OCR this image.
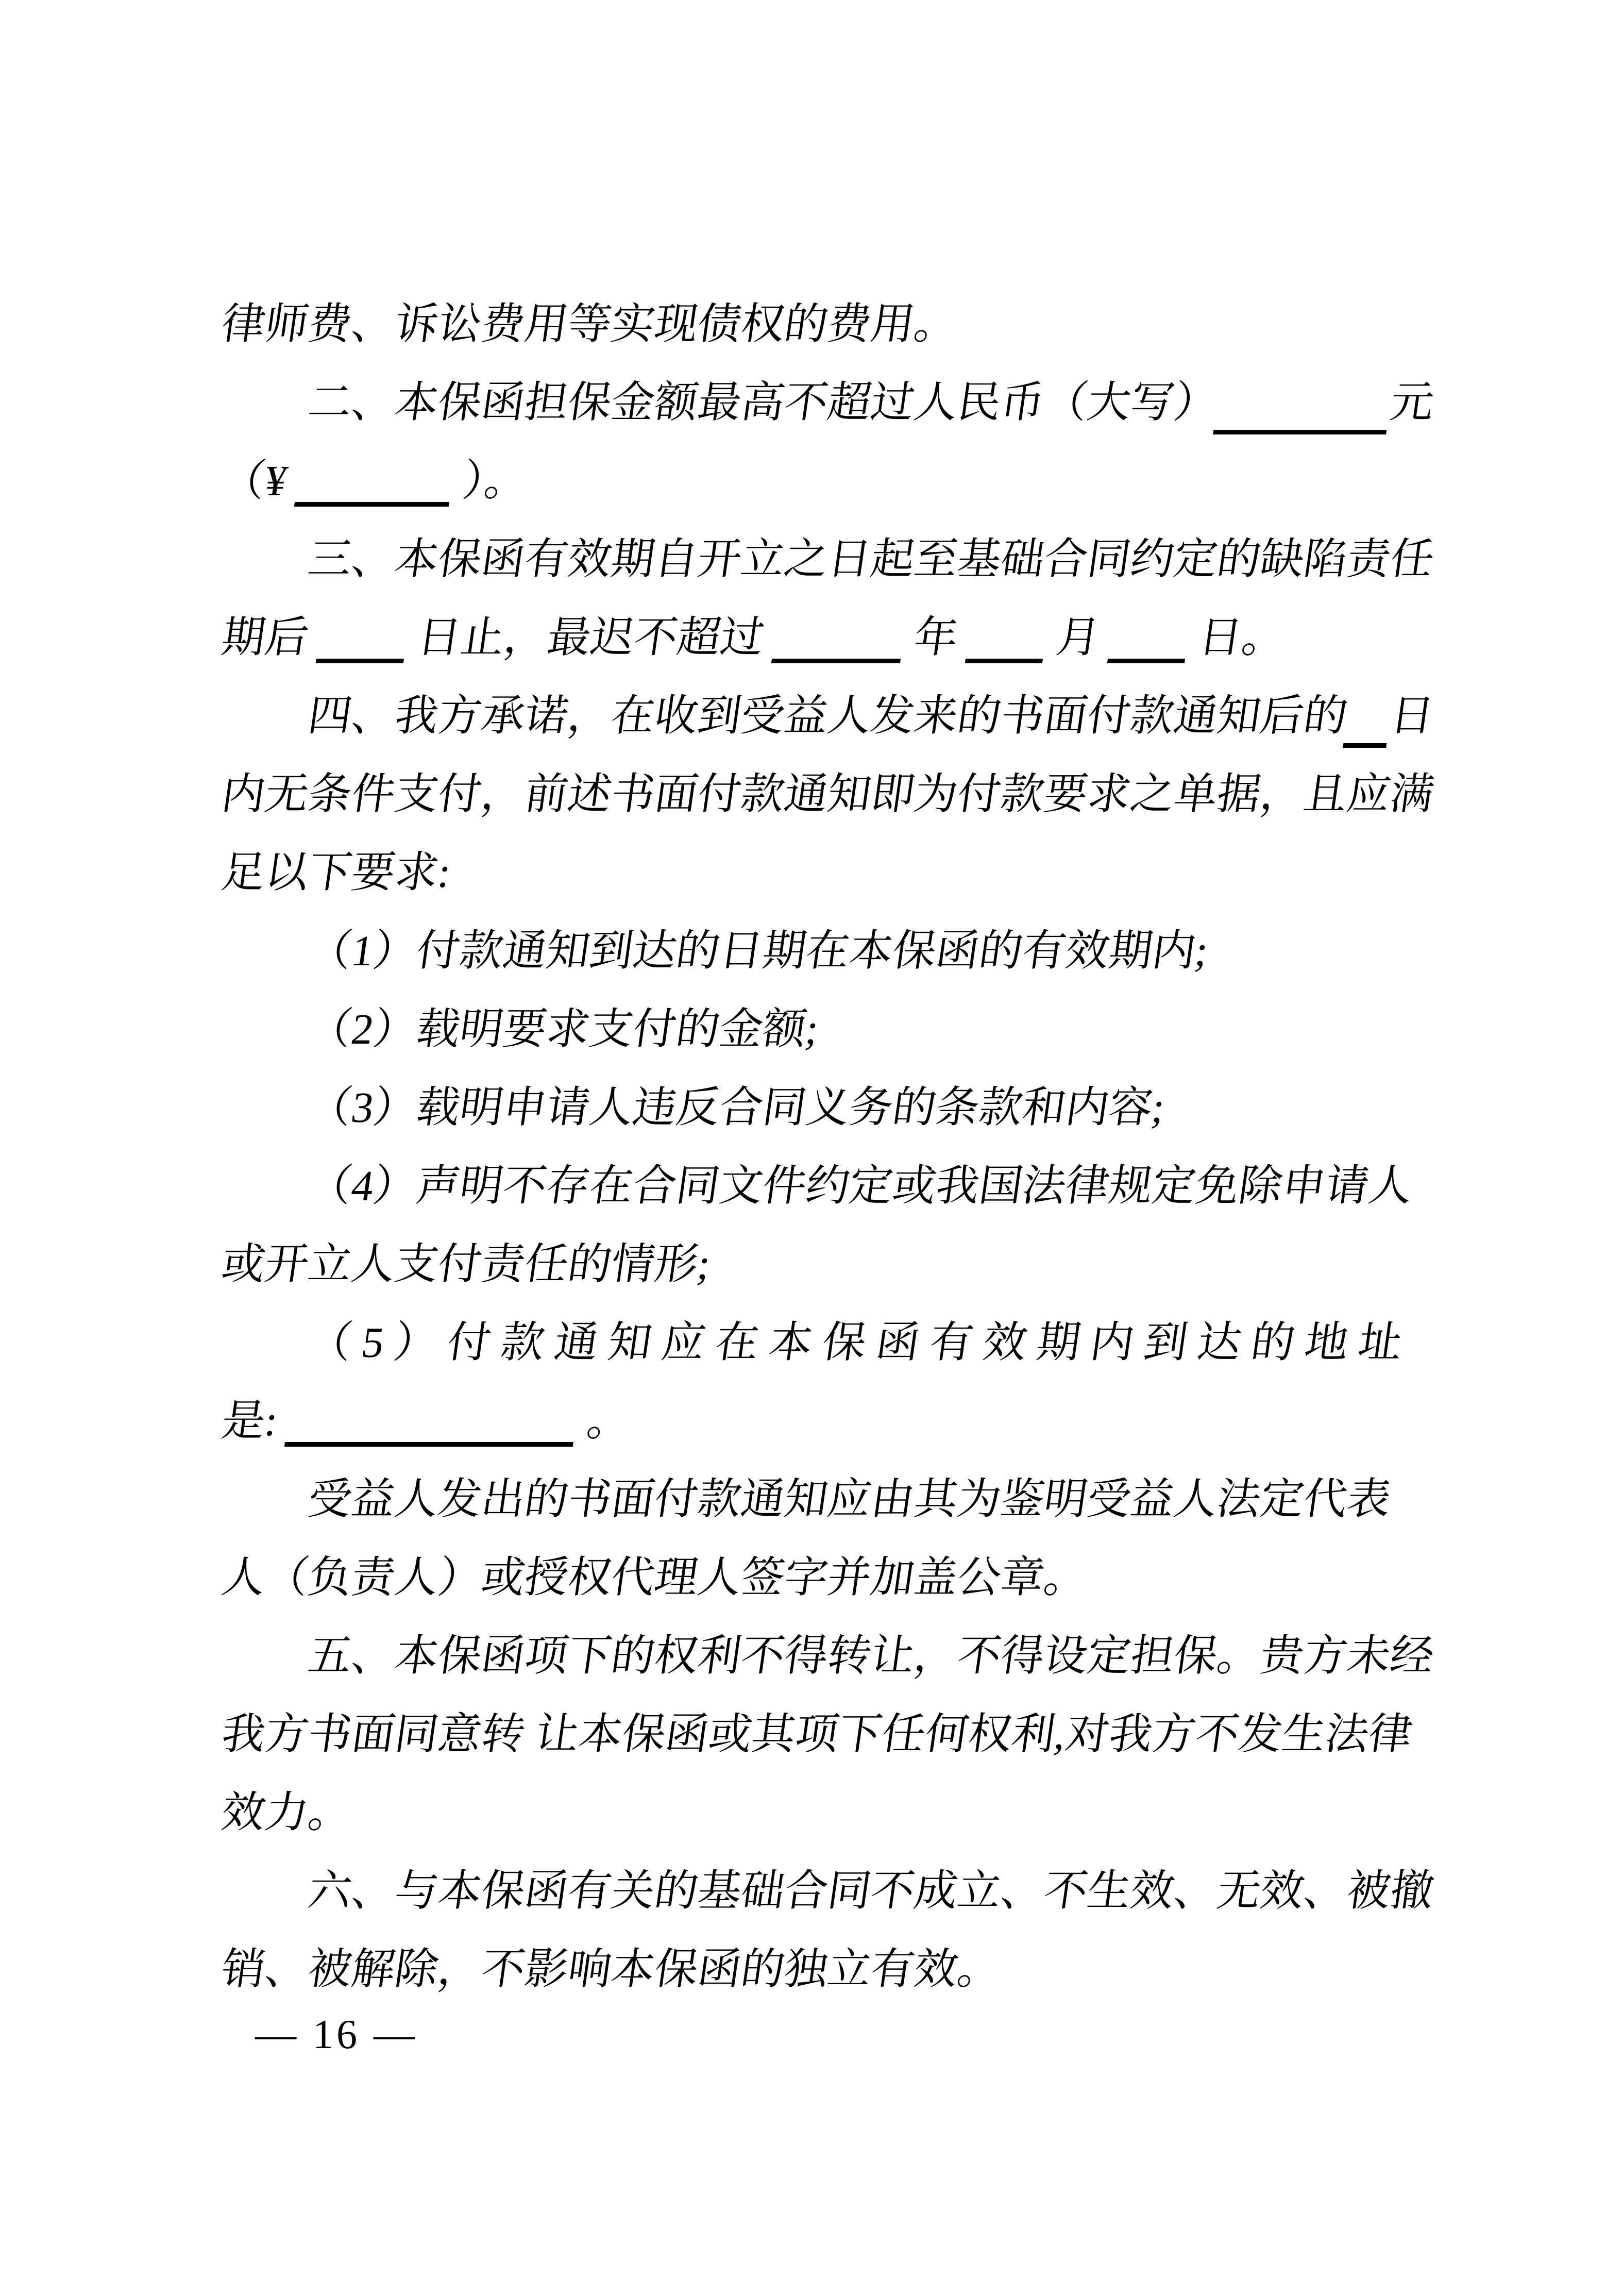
律师费、诉讼费用等实现债权的费用。
二、本保函担保金额最高不超过人民币（大写）	元
（¥	）。
三、本保函有效期自开立之日起至基础合同约定的缺陷责任
期后 日止，最迟不超过	年 月 日。
四、我方承诺，在收到受益人发来的书面付款通知后的 日
内无条件支付，前述书面付款通知即为付款要求之单据，且应满
足以下要求:
（1）付款通知到达的日期在本保函的有效期内;
（2）载明要求支付的金额;
（3）载明申请人违反合同义务的条款和内容;
（4）声明不存在合同文件约定或我国法律规定免除申请人
或开立人支付责任的情形;
（5）付款通知应在本保函有效期内到达的地址
是:	。
受益人发出的书面付款通知应由其为鉴明受益人法定代表
人（负责人）或授权代理人签字并加盖公章。
五、本保函项下的权利不得转让，不得设定担保。贵方未经
我方书面同意转 让本保函或其项下任何权利,对我方不发生法律
效力。
六、与本保函有关的基础合同不成立、不生效、无效、被撤
销、被解除，不影响本保函的独立有效。
— 16 —
